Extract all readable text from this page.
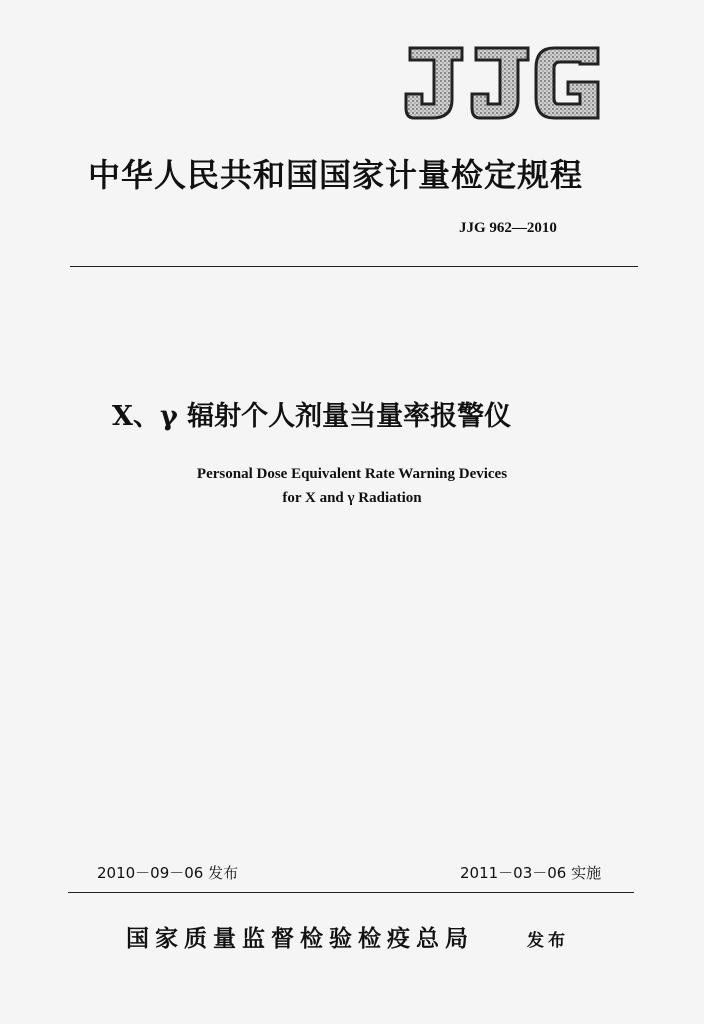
中华人民共和国国家计量检定规程
JJG 962—2010
X、γ 辐射个人剂量当量率报警仪
Personal Dose Equivalent Rate Warning Devices
for X and γ Radiation
2010－09－06 发布	2011－03－06 实施
国家质量监督检验检疫总局	发布
